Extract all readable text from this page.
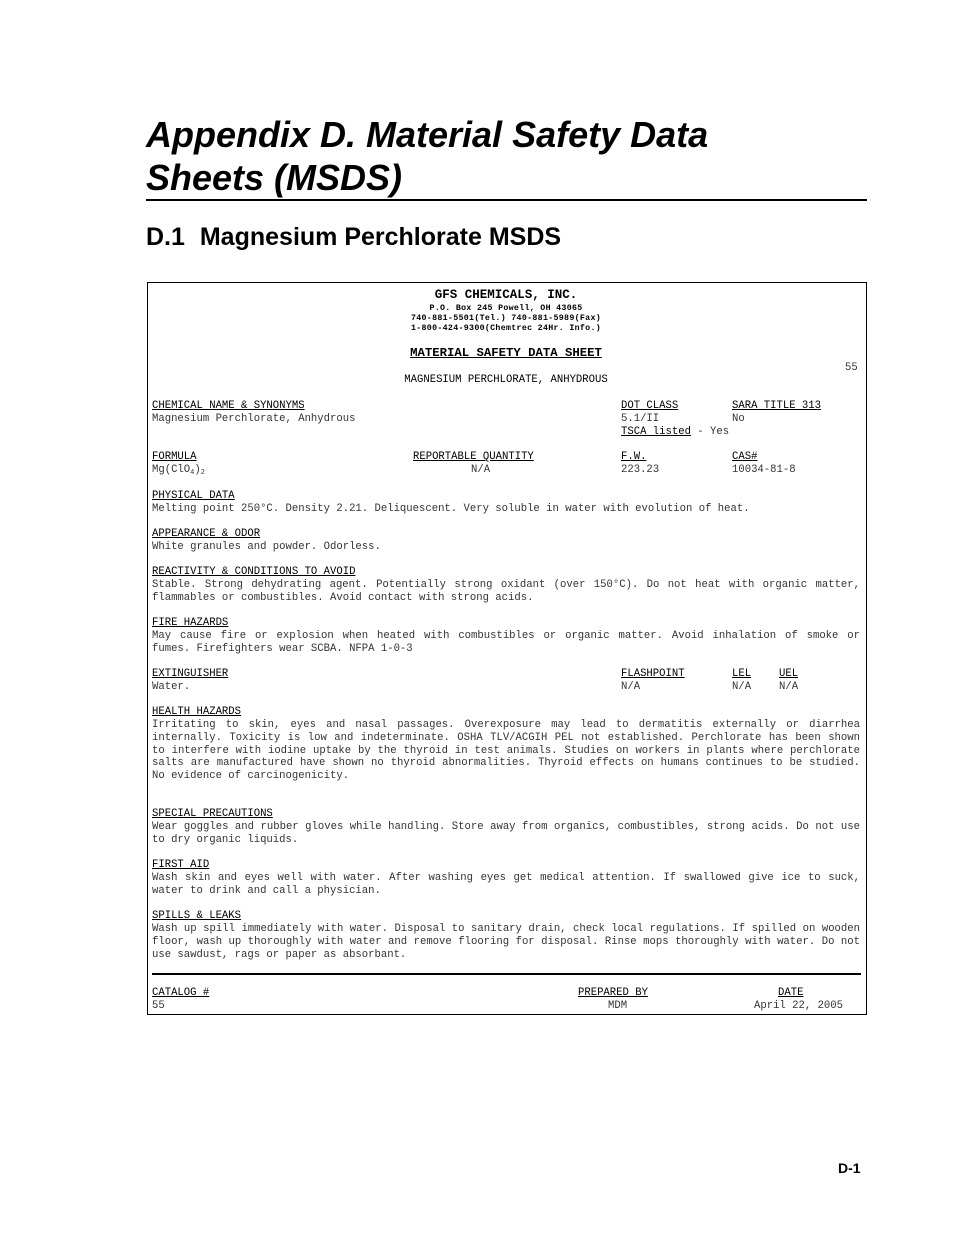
Appendix D. Material Safety Data
Sheets (MSDS)
D.1 Magnesium Perchlorate MSDS
GFS CHEMICALS, INC.
P.O. Box 245 Powell, OH 43065
740-881-5501(Tel.) 740-881-5989(Fax)
1-800-424-9300(Chemtrec 24Hr. Info.)
MATERIAL SAFETY DATA SHEET
55
MAGNESIUM PERCHLORATE, ANHYDROUS
CHEMICAL NAME & SYNONYMS
Magnesium Perchlorate, Anhydrous
DOT CLASS
5.1/II
SARA TITLE 313
No
TSCA listed - Yes
FORMULA
$Mg(ClO_4)_2$
REPORTABLE QUANTITY
N/A
F.W.
223.23
CAS#
10034-81-8
PHYSICAL DATA
Melting point 250°C. Density 2.21. Deliquescent. Very soluble in water with evolution of heat.
APPEARANCE & ODOR
White granules and powder. Odorless.
REACTIVITY & CONDITIONS TO AVOID

Stable. Strong dehydrating agent. Potentially strong oxidant (over 150°C). Do not heat with organic matter, flammables or combustibles. Avoid contact with strong acids.

FIRE HAZARDS

May cause fire or explosion when heated with combustibles or organic matter. Avoid inhalation of smoke or fumes. Firefighters wear SCBA. NFPA 1-0-3

EXTINGUISHER
Water.
FLASHPOINT
N/A
LEL
N/A
UEL
N/A
HEALTH HAZARDS

Irritating to skin, eyes and nasal passages. Overexposure may lead to dermatitis externally or diarrhea internally. Toxicity is low and indeterminate. OSHA TLV/ACGIH PEL not established. Perchlorate has been shown to interfere with iodine uptake by the thyroid in test animals. Studies on workers in plants where perchlorate salts are manufactured have shown no thyroid abnormalities. Thyroid effects on humans continues to be studied. No evidence of carcinogenicity.

SPECIAL PRECAUTIONS

Wear goggles and rubber gloves while handling. Store away from organics, combustibles, strong acids. Do not use to dry organic liquids.

FIRST AID

Wash skin and eyes well with water. After washing eyes get medical attention. If swallowed give ice to suck, water to drink and call a physician.

SPILLS & LEAKS

Wash up spill immediately with water. Disposal to sanitary drain, check local regulations. If spilled on wooden floor, wash up thoroughly with water and remove flooring for disposal. Rinse mops thoroughly with water. Do not use sawdust, rags or paper as absorbant.

CATALOG #
55
PREPARED BY
MDM
DATE
April 22, 2005
D-1
